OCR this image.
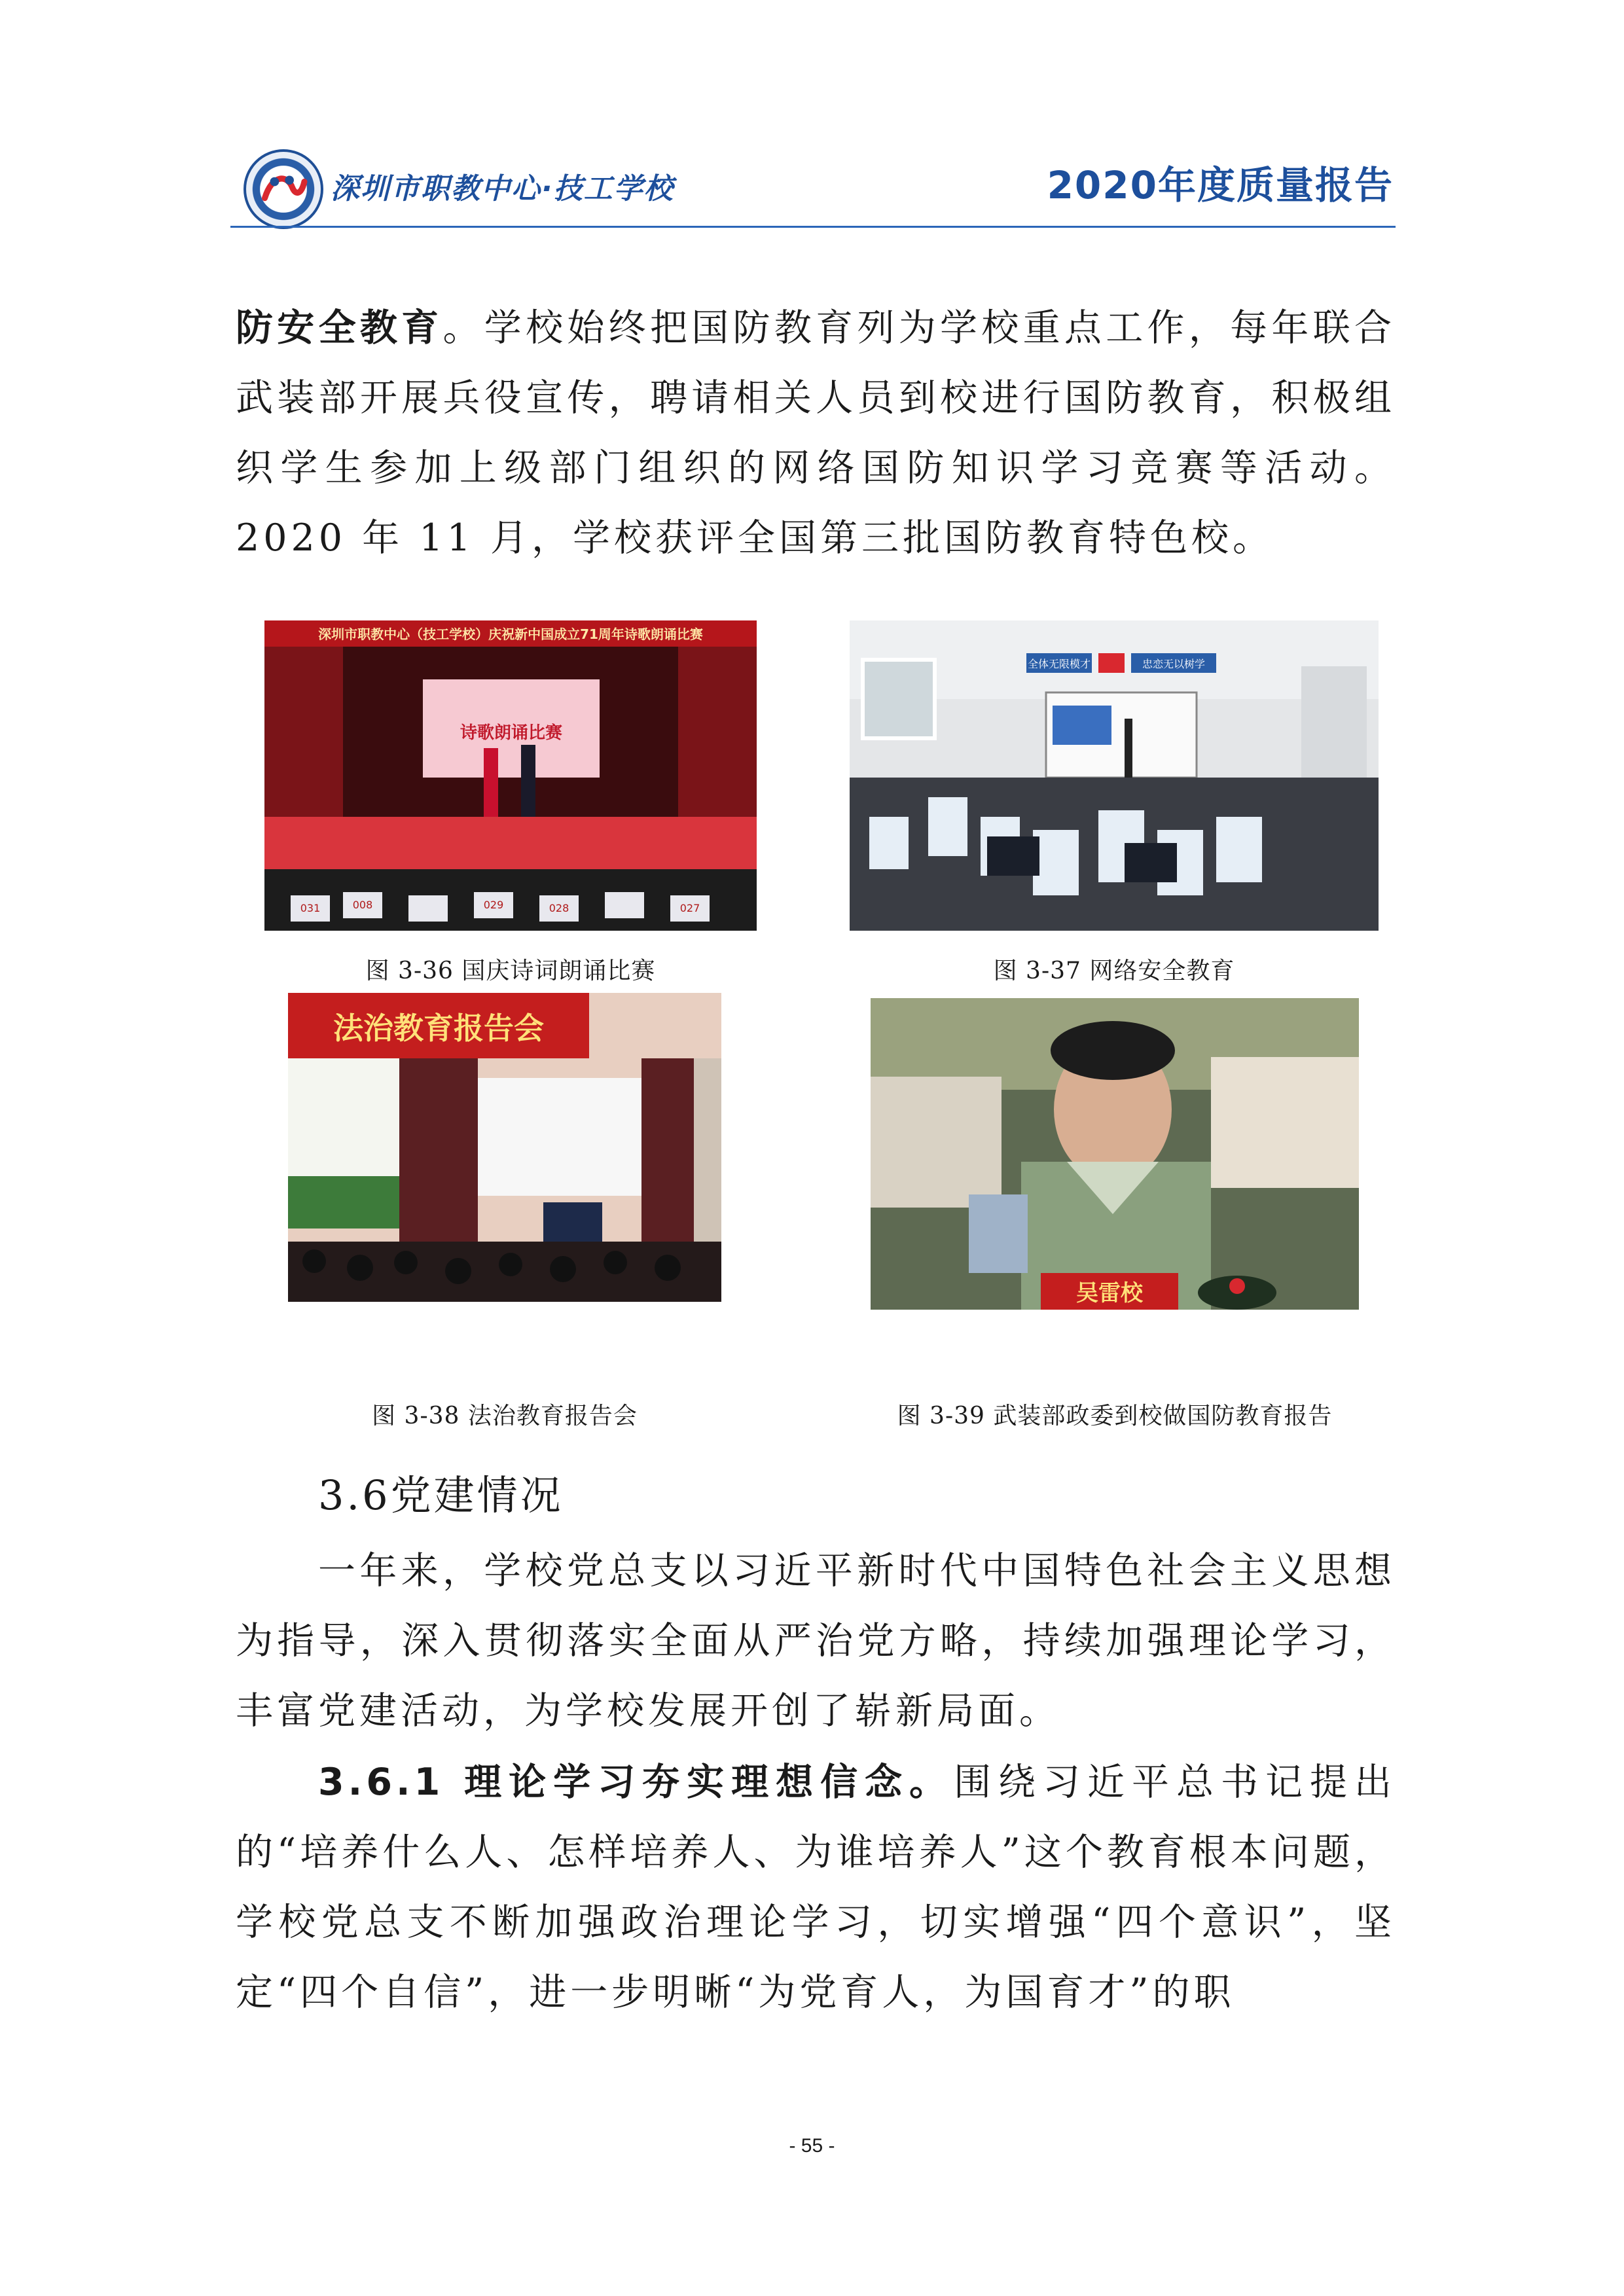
深圳市职教中心·技工学校	2020年度质量报告

防安全教育。学校始终把国防教育列为学校重点工作，每年联合武装部开展兵役宣传，聘请相关人员到校进行国防教育，积极组织学生参加上级部门组织的网络国防知识学习竞赛等活动。2020 年 11 月，学校获评全国第三批国防教育特色校。

深圳市职教中心（技工学校）庆祝新中国成立71周年诗歌朗诵比赛
诗歌朗诵比赛
031	029	028	027
008
图 3-36 国庆诗词朗诵比赛
全体无限模才	忠恋无以树学
图 3-37 网络安全教育
法治教育报告会
图 3-38 法治教育报告会
吴雷校
图 3-39 武装部政委到校做国防教育报告
3.6党建情况

一年来，学校党总支以习近平新时代中国特色社会主义思想为指导，深入贯彻落实全面从严治党方略，持续加强理论学习，丰富党建活动，为学校发展开创了崭新局面。

3.6.1 理论学习夯实理想信念。围绕习近平总书记提出的“培养什么人、怎样培养人、为谁培养人”这个教育根本问题，学校党总支不断加强政治理论学习，切实增强“四个意识”，坚定“四个自信”，进一步明晰“为党育人，为国育才”的职

- 55 -
